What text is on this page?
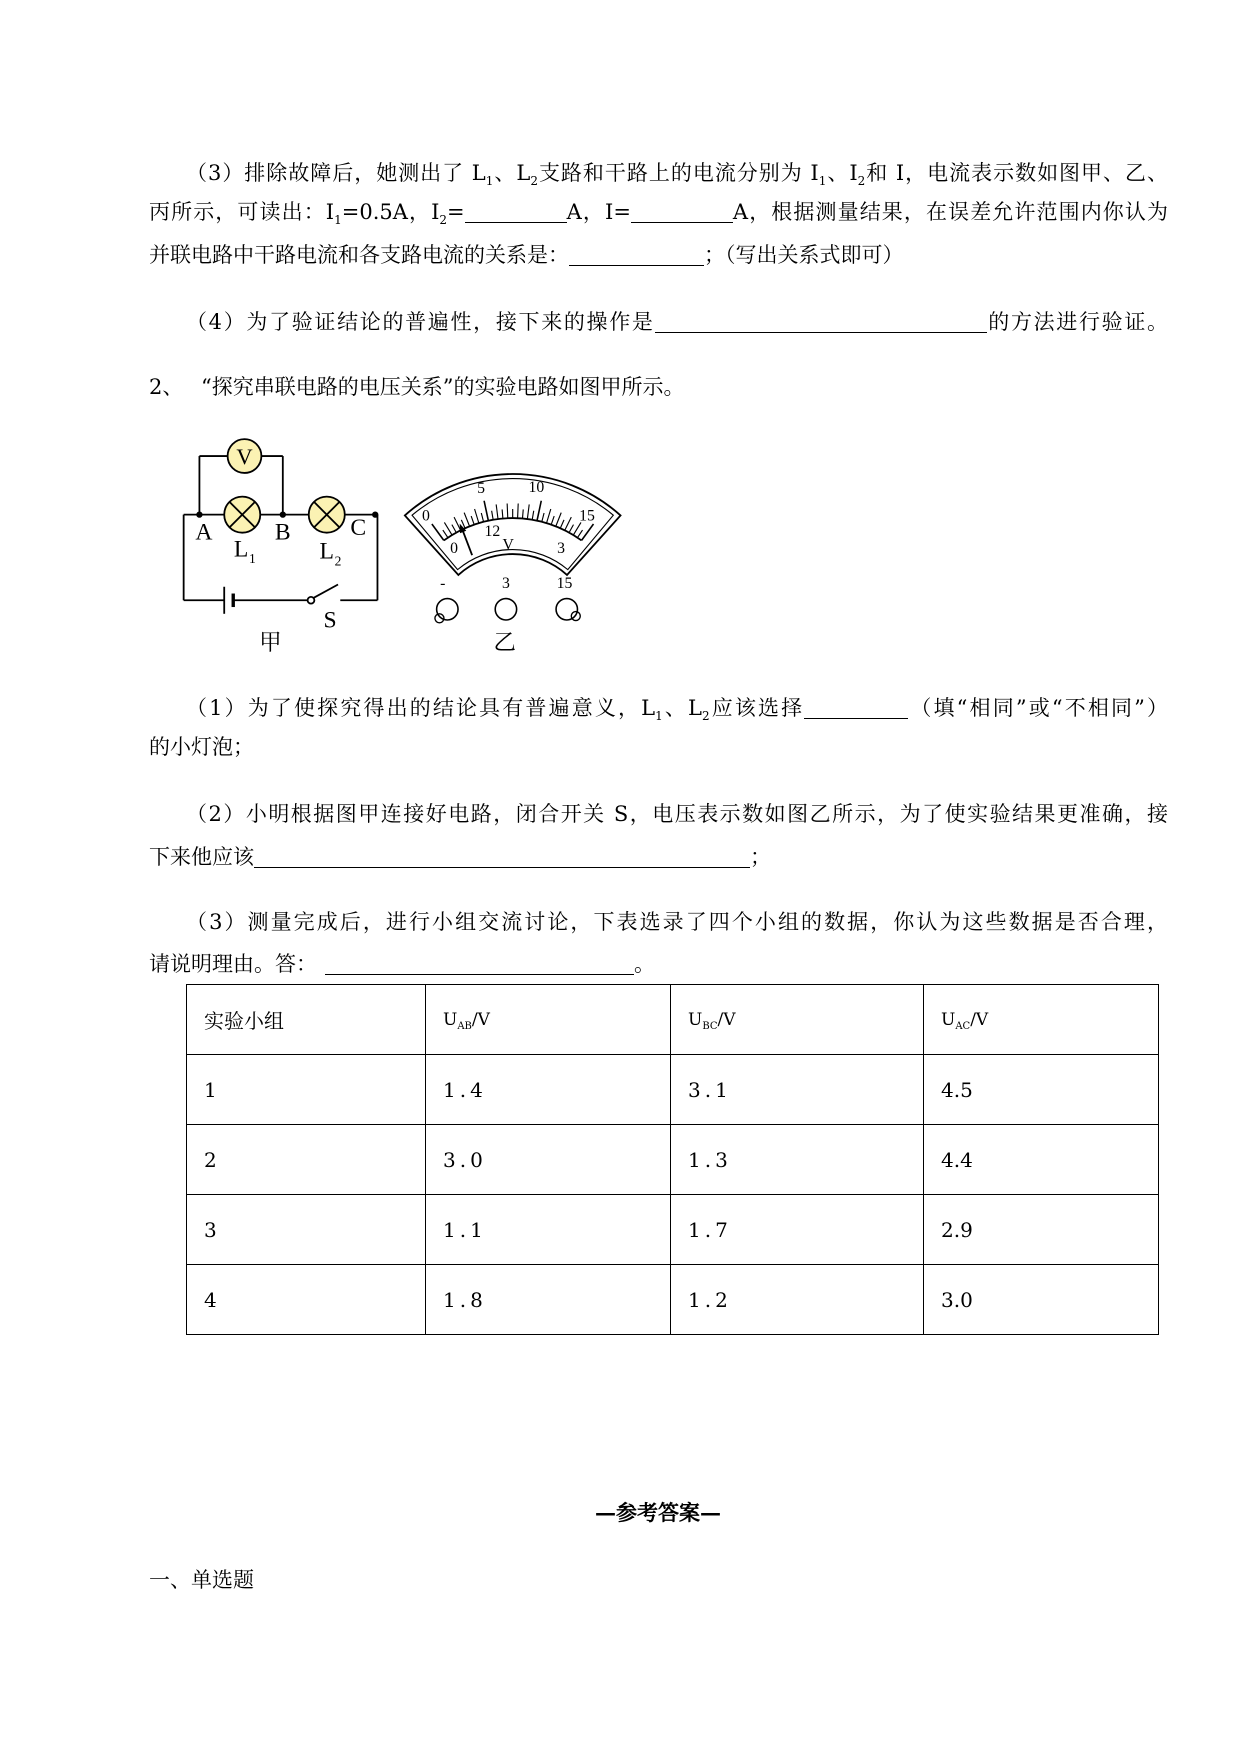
（3）排除故障后，她测出了 $L_1$、$L_2$支路和干路上的电流分别为 $I_1$、$I_2$和 I，电流表示数如图甲、乙、
丙所示，可读出：$I_1=0.5A$，$I_2=$	A，I=	A，根据测量结果，在误差允许范围内你认为
并联电路中干路电流和各支路电流的关系是：	；（写出关系式即可）
（4）为了验证结论的普遍性，接下来的操作是	的方法进行验证。
2、 “探究串联电路的电压关系”的实验电路如图甲所示。
V
A	B	C
L 1	L 2
S
甲
0
5	10
15
0
12
3
V
-	3	15
乙
（1）为了使探究得出的结论具有普遍意义，$L_1$、$L_2$应该选择	（填“相同”或“不相同”）
的小灯泡；
（2）小明根据图甲连接好电路，闭合开关 S，电压表示数如图乙所示，为了使实验结果更准确，接
下来他应该	；
（3）测量完成后，进行小组交流讨论，下表选录了四个小组的数据，你认为这些数据是否合理，
请说明理由。答：	。
实验小组	$U_{AB}/V$	$U_{BC}/V$	$U_{AC}/V$
1	1.4	3.1	4.5
2	3.0	1.3	4.4
3	1.1	1.7	2.9
4	1.8	1.2	3.0
—参考答案—
一、单选题
